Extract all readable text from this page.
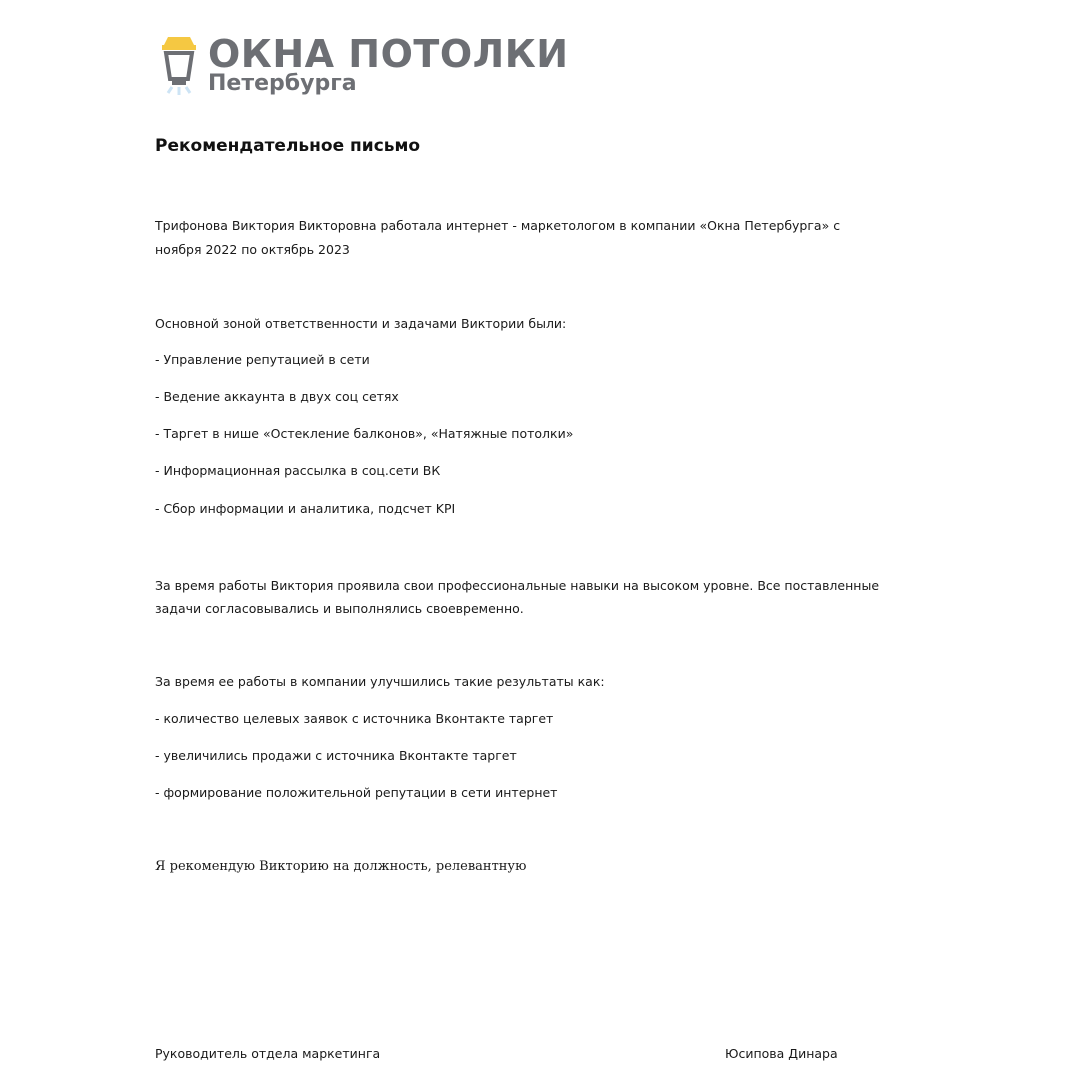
ОКНА ПОТОЛКИ
Петербурга
Рекомендательное письмо
Трифонова Виктория Викторовна работала интернет - маркетологом в компании «Окна Петербурга» с
ноября 2022 по октябрь 2023
Основной зоной ответственности и задачами Виктории были:
- Управление репутацией в сети
- Ведение аккаунта в двух соц сетях
- Таргет в нише «Остекление балконов», «Натяжные потолки»
- Информационная рассылка в соц.сети ВК
- Сбор информации и аналитика, подсчет KPI
За время работы Виктория проявила свои профессиональные навыки на высоком уровне. Все поставленные
задачи согласовывались и выполнялись своевременно.
За время ее работы в компании улучшились такие результаты как:
- количество целевых заявок с источника Вконтакте таргет
- увеличились продажи с источника Вконтакте таргет
- формирование положительной репутации в сети интернет
Я рекомендую Викторию на должность, релевантную
Руководитель отдела маркетинга	Юсипова Динара
